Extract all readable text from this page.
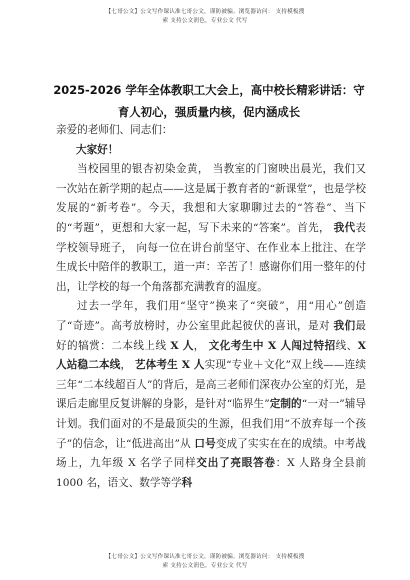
【七哥公文】公文写作课认准七哥公文，谨防被骗。浏览器访问： 支持模板搜
索 支持公文润色，专业公文 代写
2025-2026 学年全体教职工大会上，高中校长精彩讲话：守育人初心，强质量内核，促内涵成长

亲爱的老师们、同志们：

大家好！

当校园里的银杏初染金黄， 当教室的门窗映出晨光，我们又一次站在新学期的起点——这是属于教育者的“新课堂”，也是学校发展的“新考卷”。今天，我想和大家聊聊过去的“答卷”、当下的“考题”，更想和大家一起，写下未来的“答案”。首先， 我代表学校领导班子， 向每一位在讲台前坚守、在作业本上批注、在学生成长中陪伴的教职工，道一声：辛苦了！感谢你们用一整年的付出，让学校的每一个角落都充满教育的温度。

过去一学年，我们用“坚守”换来了“突破”，用“用心”创造了“奇迹”。高考放榜时，办公室里此起彼伏的喜讯，是对 我们最好的犒赏：二本线上线 X 人， 文化考生中 X 人闯过特招线、X 人站稳二本线， 艺体考生 X 人实现“专业＋文化”双上线——连续三年“二本线超百人”的背后，是高三老师们深夜办公室的灯光，是课后走廊里反复讲解的身影，是针对“临界生”定制的“一对一”辅导计划。我们面对的不是最顶尖的生源，但我们用“不放弃每一个孩子”的信念，让“低进高出”从 口号变成了实实在在的成绩。中考战场上，九年级 X 名学子同样交出了亮眼答卷：X 人路身全县前 1000 名，语文、数学等学科

【七哥公文】公文写作课认准七哥公文，谨防被骗。浏览器访问： 支持模板搜
索 支持公文润色，专业公文 代写
